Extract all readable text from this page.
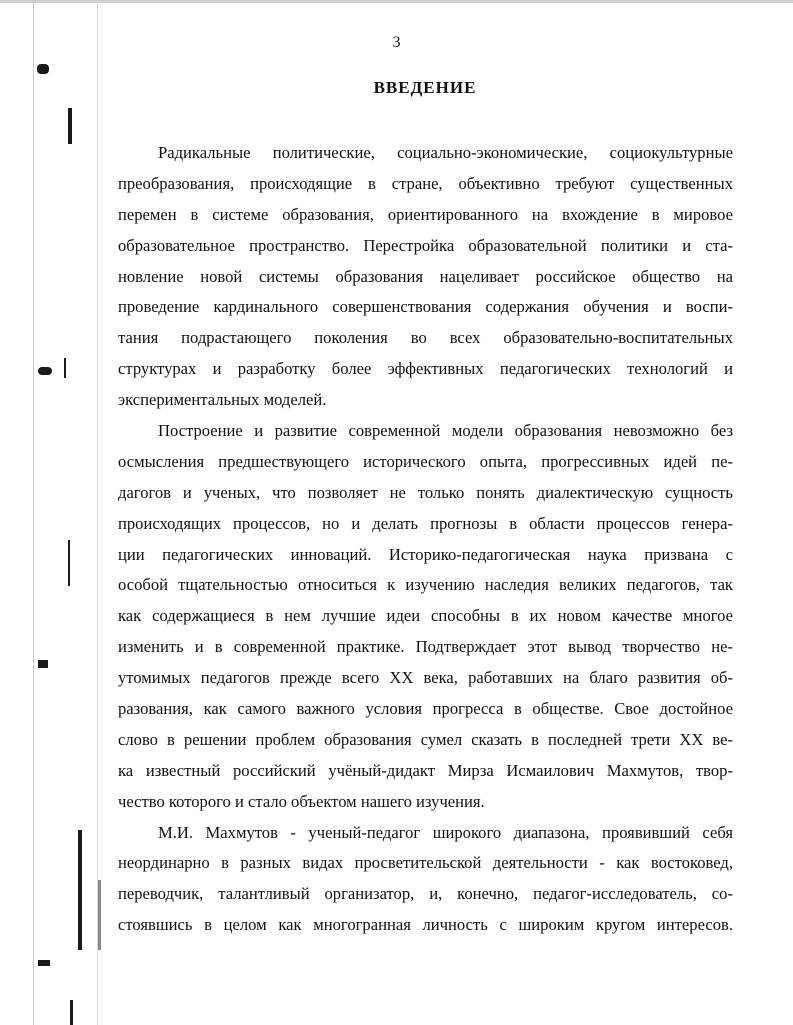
3
ВВЕДЕНИЕ
Радикальные политические, социально-экономические, социокультурные
преобразования, происходящие в стране, объективно требуют существенных
перемен в системе образования, ориентированного на вхождение в мировое
образовательное пространство. Перестройка образовательной политики и ста-
новление новой системы образования нацеливает российское общество на
проведение кардинального совершенствования содержания обучения и воспи-
тания подрастающего поколения во всех образовательно-воспитательных
структурах и разработку более эффективных педагогических технологий и
экспериментальных моделей.
Построение и развитие современной модели образования невозможно без
осмысления предшествующего исторического опыта, прогрессивных идей пе-
дагогов и ученых, что позволяет не только понять диалектическую сущность
происходящих процессов, но и делать прогнозы в области процессов генера-
ции педагогических инноваций. Историко-педагогическая наука призвана с
особой тщательностью относиться к изучению наследия великих педагогов, так
как содержащиеся в нем лучшие идеи способны в их новом качестве многое
изменить и в современной практике. Подтверждает этот вывод творчество не-
утомимых педагогов прежде всего XX века, работавших на благо развития об-
разования, как самого важного условия прогресса в обществе. Свое достойное
слово в решении проблем образования сумел сказать в последней трети XX ве-
ка известный российский учёный-дидакт Мирза Исмаилович Махмутов, твор-
чество которого и стало объектом нашего изучения.
М.И. Махмутов - ученый-педагог широкого диапазона, проявивший себя
неординарно в разных видах просветительской деятельности - как востоковед,
переводчик, талантливый организатор, и, конечно, педагог-исследователь, со-
стоявшись в целом как многогранная личность с широким кругом интересов.
